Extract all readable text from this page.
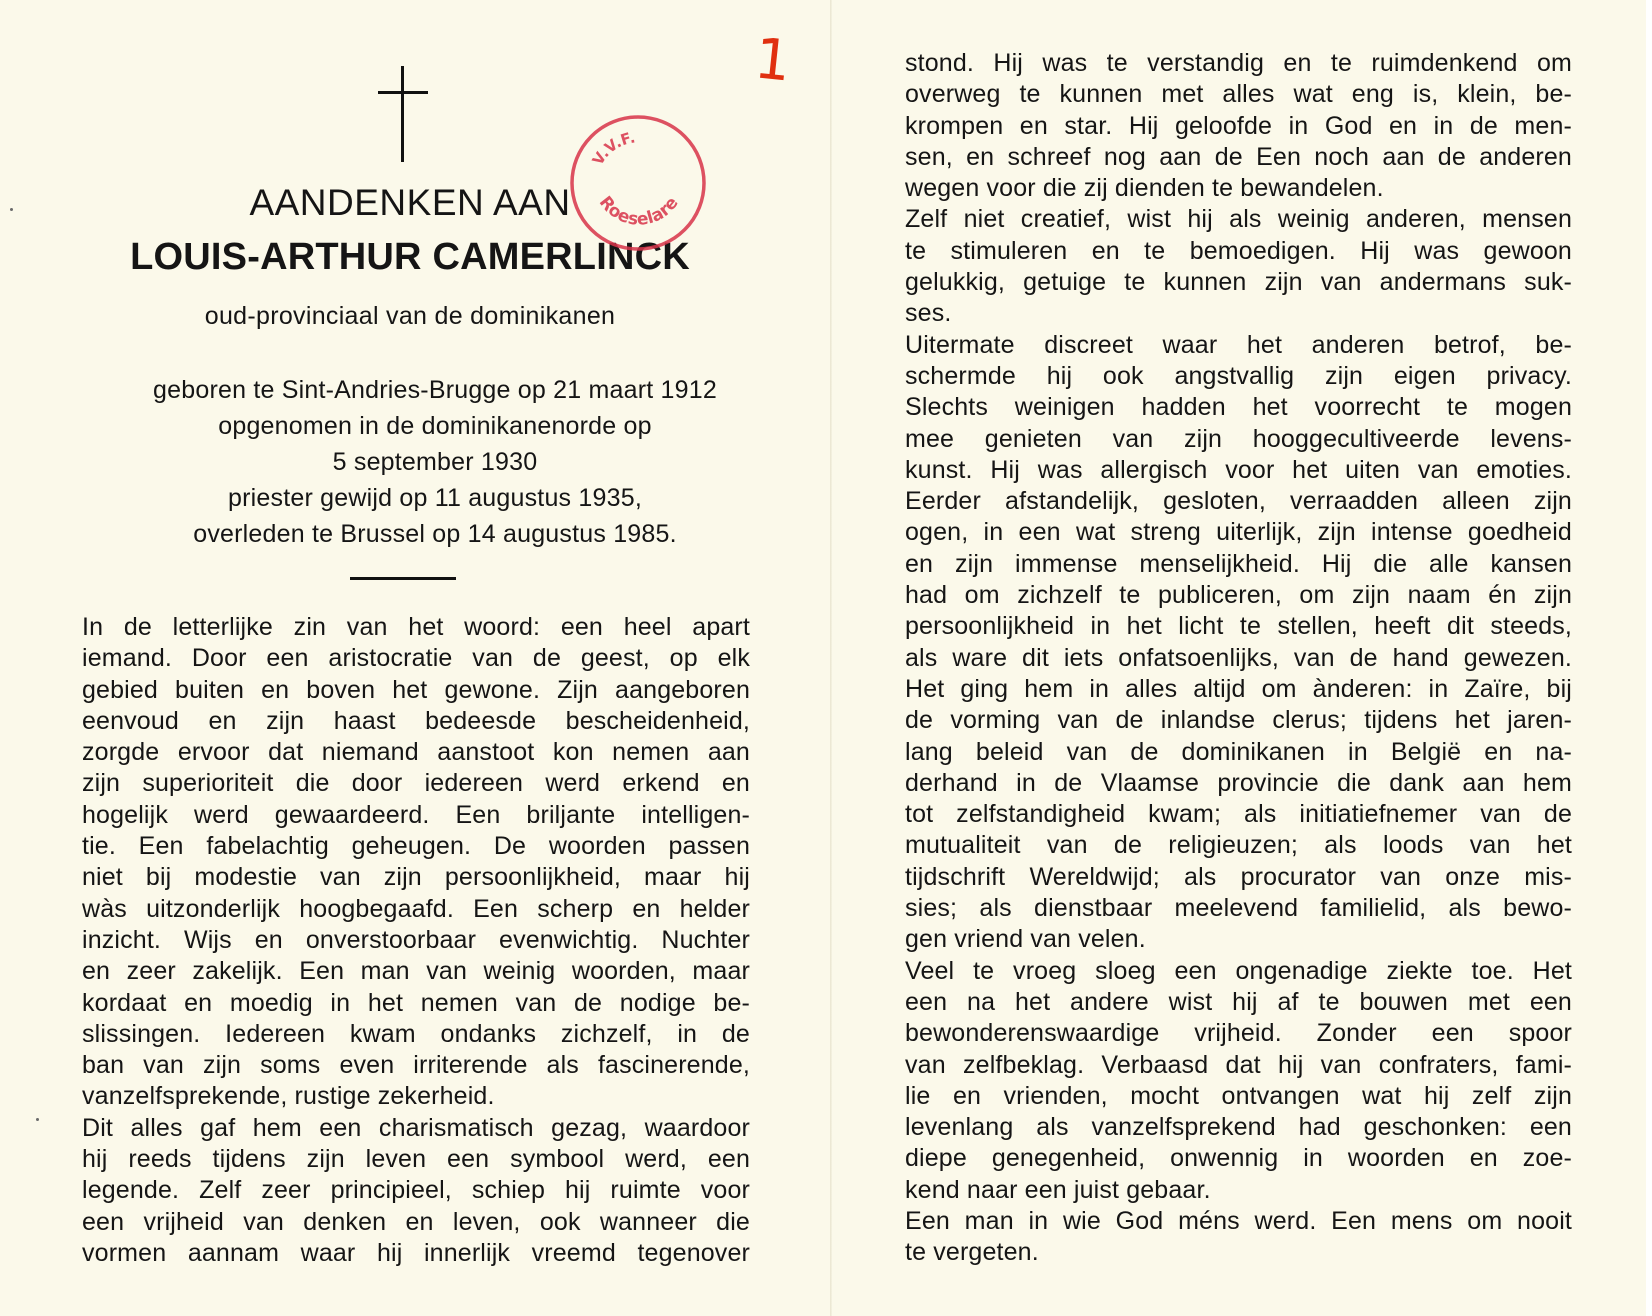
1
AANDENKEN AAN
LOUIS-ARTHUR CAMERLINCK
V.V.F.
Roeselare
oud-provinciaal van de dominikanen
geboren te Sint-Andries-Brugge op 21 maart 1912
opgenomen in de dominikanenorde op
5 september 1930
priester gewijd op 11 augustus 1935,
overleden te Brussel op 14 augustus 1985.
In de letterlijke zin van het woord: een heel apart
iemand. Door een aristocratie van de geest, op elk
gebied buiten en boven het gewone. Zijn aangeboren
eenvoud en zijn haast bedeesde bescheidenheid,
zorgde ervoor dat niemand aanstoot kon nemen aan
zijn superioriteit die door iedereen werd erkend en
hogelijk werd gewaardeerd. Een briljante intelligen-
tie. Een fabelachtig geheugen. De woorden passen
niet bij modestie van zijn persoonlijkheid, maar hij
wàs uitzonderlijk hoogbegaafd. Een scherp en helder
inzicht. Wijs en onverstoorbaar evenwichtig. Nuchter
en zeer zakelijk. Een man van weinig woorden, maar
kordaat en moedig in het nemen van de nodige be-
slissingen. Iedereen kwam ondanks zichzelf, in de
ban van zijn soms even irriterende als fascinerende,
vanzelfsprekende, rustige zekerheid.
Dit alles gaf hem een charismatisch gezag, waardoor
hij reeds tijdens zijn leven een symbool werd, een
legende. Zelf zeer principieel, schiep hij ruimte voor
een vrijheid van denken en leven, ook wanneer die
vormen aannam waar hij innerlijk vreemd tegenover
stond. Hij was te verstandig en te ruimdenkend om
overweg te kunnen met alles wat eng is, klein, be-
krompen en star. Hij geloofde in God en in de men-
sen, en schreef nog aan de Een noch aan de anderen
wegen voor die zij dienden te bewandelen.
Zelf niet creatief, wist hij als weinig anderen, mensen
te stimuleren en te bemoedigen. Hij was gewoon
gelukkig, getuige te kunnen zijn van andermans suk-
ses.
Uitermate discreet waar het anderen betrof, be-
schermde hij ook angstvallig zijn eigen privacy.
Slechts weinigen hadden het voorrecht te mogen
mee genieten van zijn hooggecultiveerde levens-
kunst. Hij was allergisch voor het uiten van emoties.
Eerder afstandelijk, gesloten, verraadden alleen zijn
ogen, in een wat streng uiterlijk, zijn intense goedheid
en zijn immense menselijkheid. Hij die alle kansen
had om zichzelf te publiceren, om zijn naam én zijn
persoonlijkheid in het licht te stellen, heeft dit steeds,
als ware dit iets onfatsoenlijks, van de hand gewezen.
Het ging hem in alles altijd om ànderen: in Zaïre, bij
de vorming van de inlandse clerus; tijdens het jaren-
lang beleid van de dominikanen in België en na-
derhand in de Vlaamse provincie die dank aan hem
tot zelfstandigheid kwam; als initiatiefnemer van de
mutualiteit van de religieuzen; als loods van het
tijdschrift Wereldwijd; als procurator van onze mis-
sies; als dienstbaar meelevend familielid, als bewo-
gen vriend van velen.
Veel te vroeg sloeg een ongenadige ziekte toe. Het
een na het andere wist hij af te bouwen met een
bewonderenswaardige vrijheid. Zonder een spoor
van zelfbeklag. Verbaasd dat hij van confraters, fami-
lie en vrienden, mocht ontvangen wat hij zelf zijn
levenlang als vanzelfsprekend had geschonken: een
diepe genegenheid, onwennig in woorden en zoe-
kend naar een juist gebaar.
Een man in wie God méns werd. Een mens om nooit
te vergeten.
